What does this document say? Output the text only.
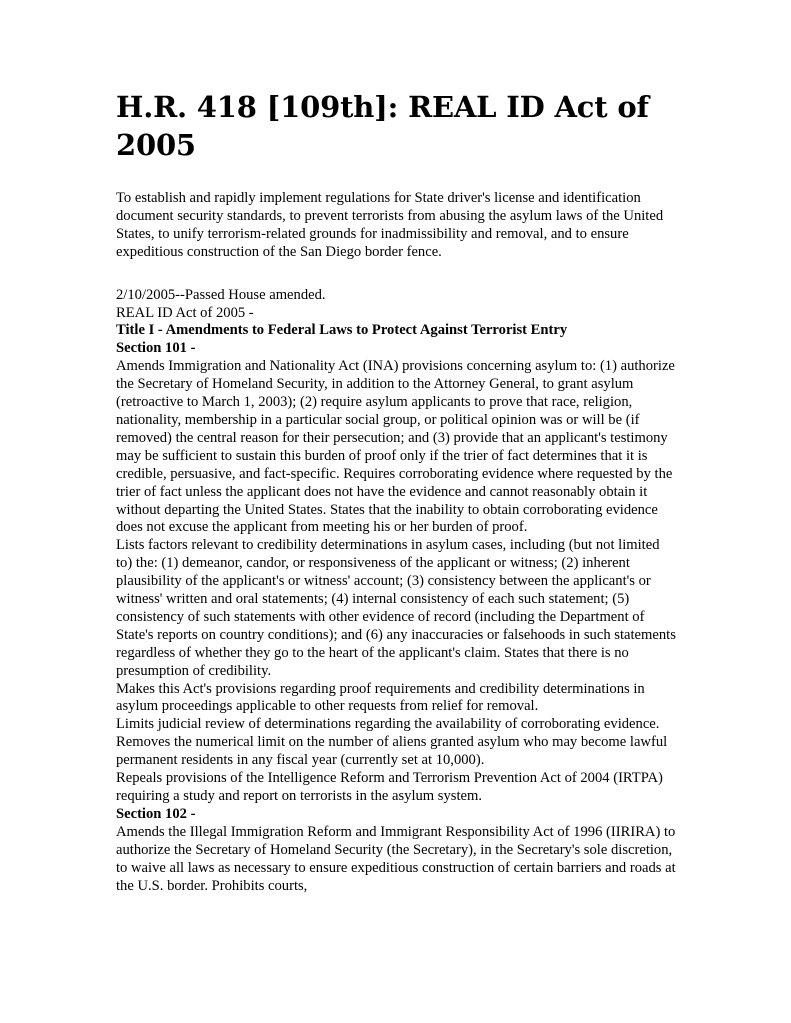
H.R. 418 [109th]: REAL ID Act of 2005

To establish and rapidly implement regulations for State driver's license and identification document security standards, to prevent terrorists from abusing the asylum laws of the United States, to unify terrorism-related grounds for inadmissibility and removal, and to ensure expeditious construction of the San Diego border fence.

2/10/2005--Passed House amended.
REAL ID Act of 2005 -
Title I - Amendments to Federal Laws to Protect Against Terrorist Entry
Section 101 -

Amends Immigration and Nationality Act (INA) provisions concerning asylum to: (1) authorize the Secretary of Homeland Security, in addition to the Attorney General, to grant asylum (retroactive to March 1, 2003); (2) require asylum applicants to prove that race, religion, nationality, membership in a particular social group, or political opinion was or will be (if removed) the central reason for their persecution; and (3) provide that an applicant's testimony may be sufficient to sustain this burden of proof only if the trier of fact determines that it is credible, persuasive, and fact-specific. Requires corroborating evidence where requested by the trier of fact unless the applicant does not have the evidence and cannot reasonably obtain it without departing the United States. States that the inability to obtain corroborating evidence does not excuse the applicant from meeting his or her burden of proof.

Lists factors relevant to credibility determinations in asylum cases, including (but not limited to) the: (1) demeanor, candor, or responsiveness of the applicant or witness; (2) inherent plausibility of the applicant's or witness' account; (3) consistency between the applicant's or witness' written and oral statements; (4) internal consistency of each such statement; (5) consistency of such statements with other evidence of record (including the Department of State's reports on country conditions); and (6) any inaccuracies or falsehoods in such statements regardless of whether they go to the heart of the applicant's claim. States that there is no presumption of credibility.

Makes this Act's provisions regarding proof requirements and credibility determinations in asylum proceedings applicable to other requests from relief for removal.

Limits judicial review of determinations regarding the availability of corroborating evidence.

Removes the numerical limit on the number of aliens granted asylum who may become lawful permanent residents in any fiscal year (currently set at 10,000).

Repeals provisions of the Intelligence Reform and Terrorism Prevention Act of 2004 (IRTPA) requiring a study and report on terrorists in the asylum system.

Section 102 -

Amends the Illegal Immigration Reform and Immigrant Responsibility Act of 1996 (IIRIRA) to authorize the Secretary of Homeland Security (the Secretary), in the Secretary's sole discretion, to waive all laws as necessary to ensure expeditious construction of certain barriers and roads at the U.S. border. Prohibits courts,
